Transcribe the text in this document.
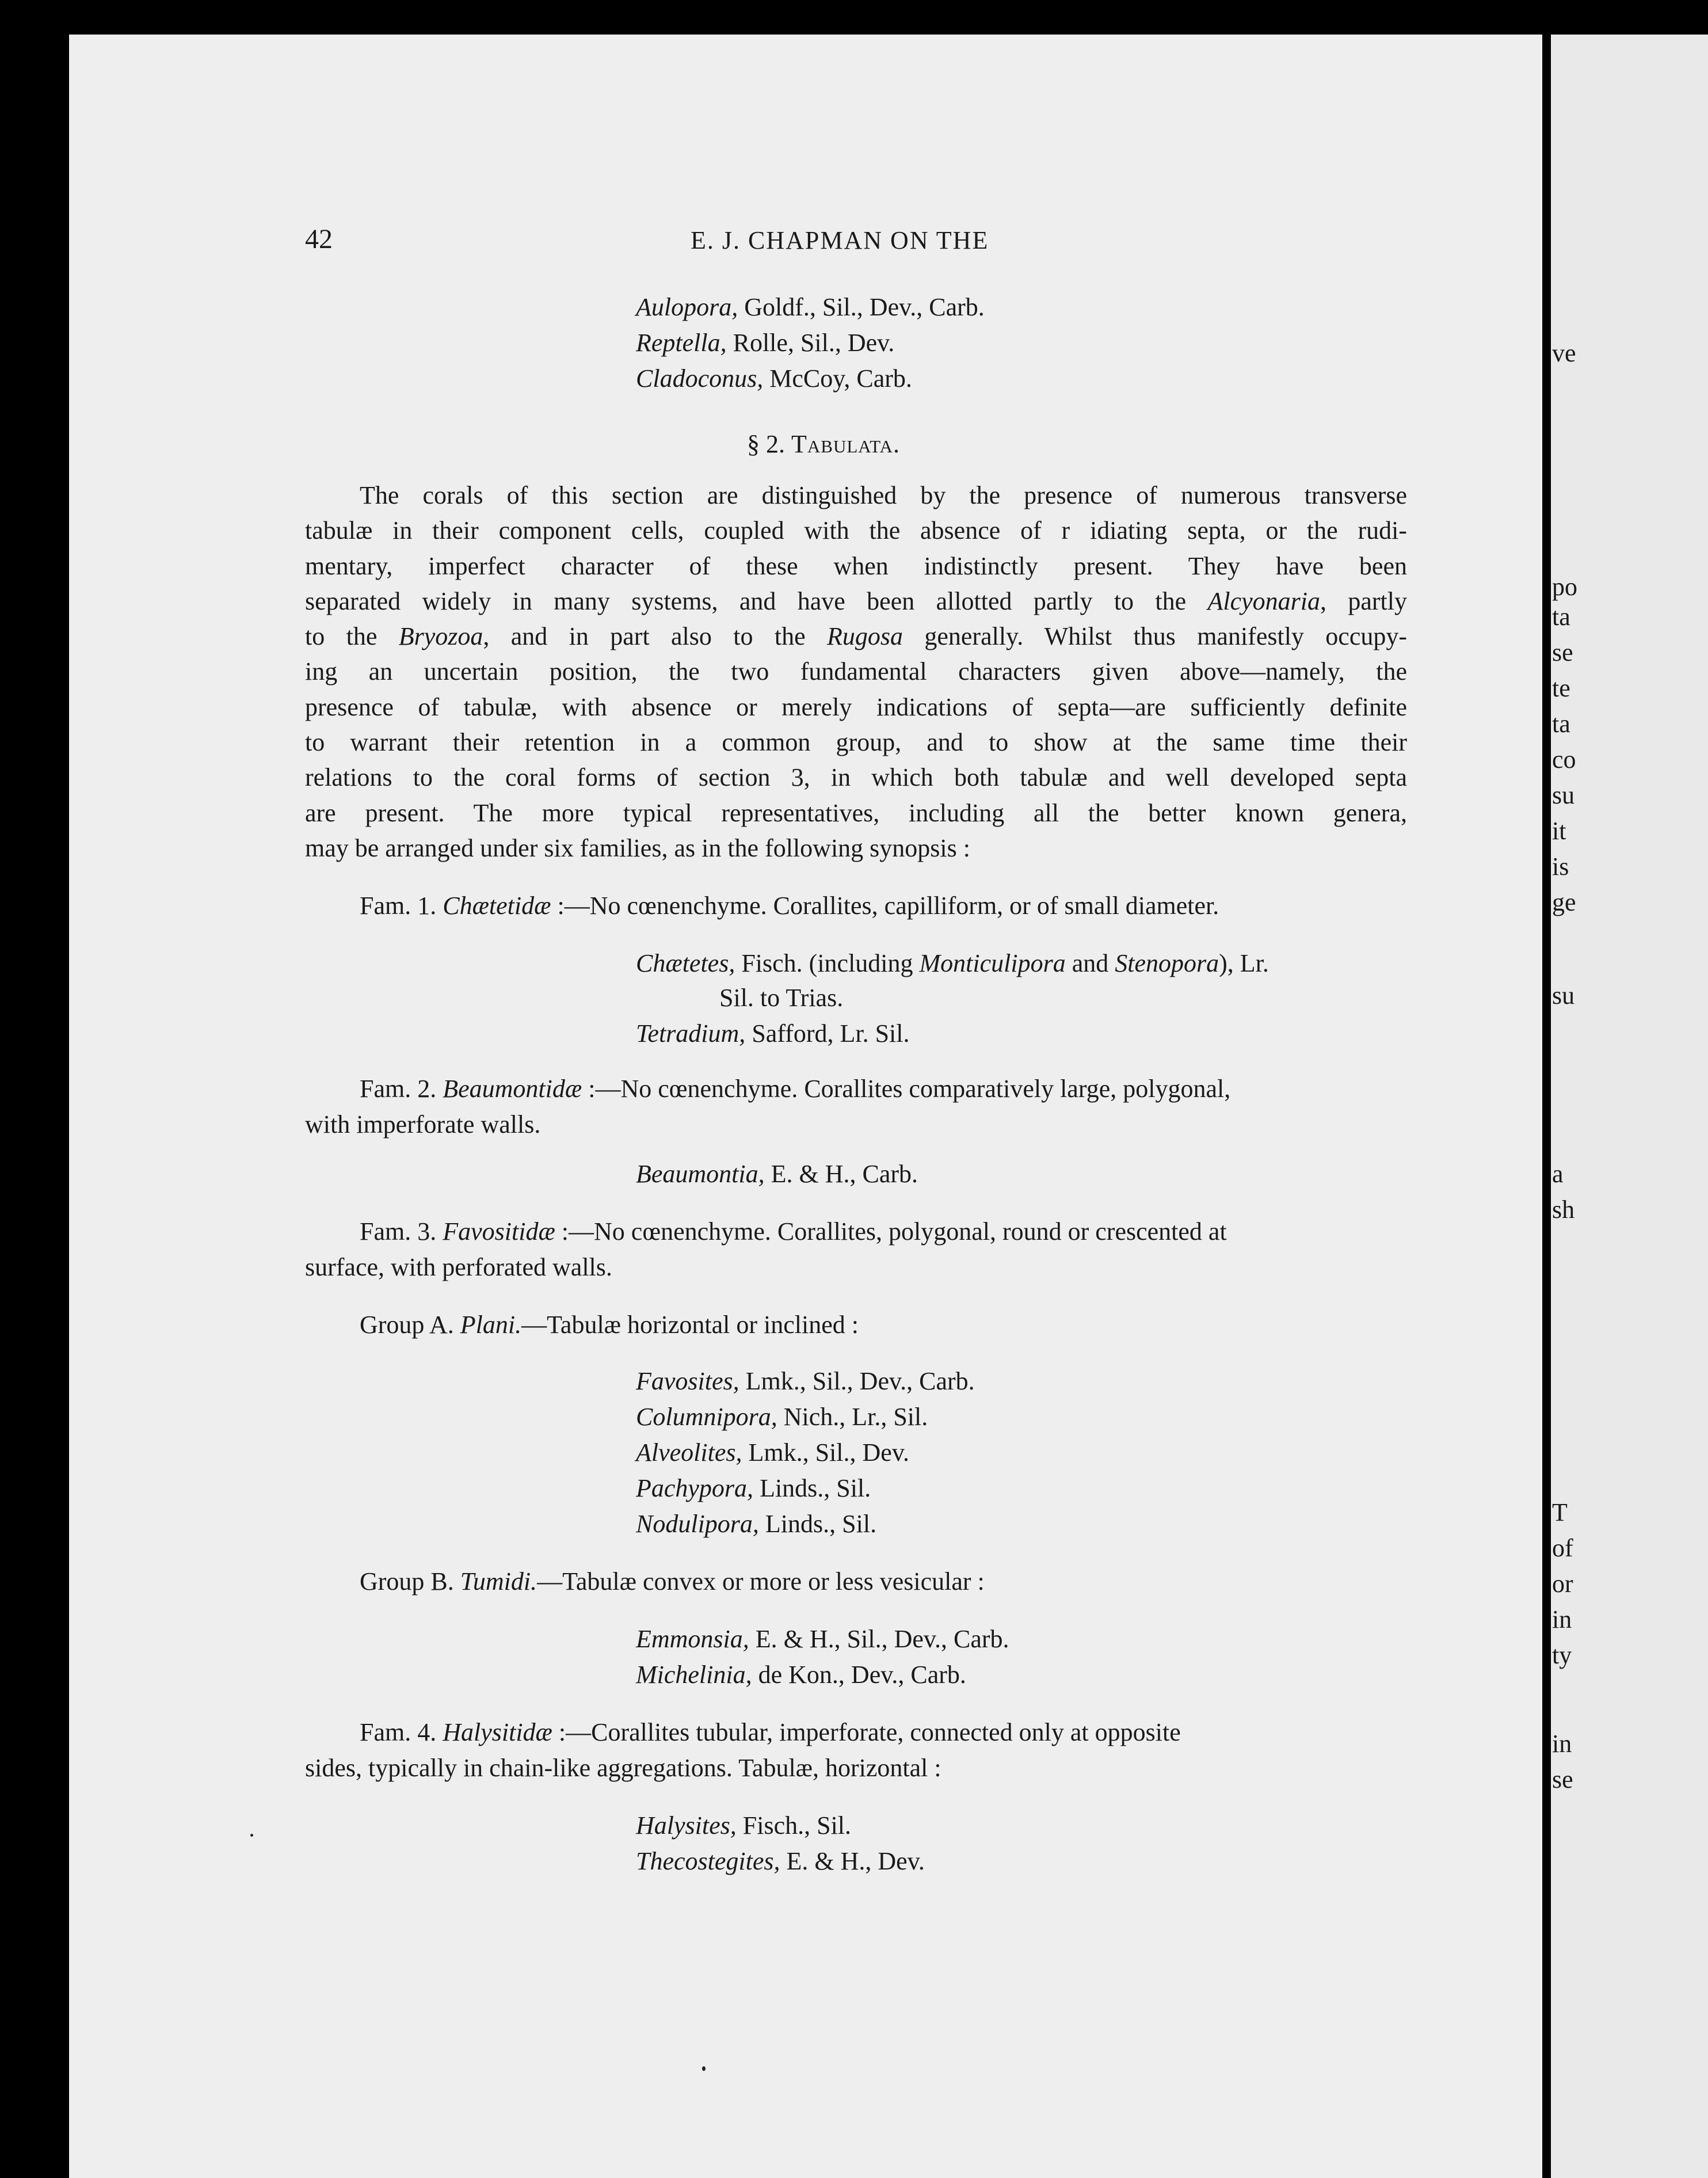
42	E. J. CHAPMAN ON THE
Aulopora, Goldf., Sil., Dev., Carb.
Reptella, Rolle, Sil., Dev.
Cladoconus, McCoy, Carb.
§ 2. Tabulata.
The corals of this section are distinguished by the presence of numerous transverse
tabulæ in their component cells, coupled with the absence of r idiating septa, or the rudi-
mentary, imperfect character of these when indistinctly present. They have been
separated widely in many systems, and have been allotted partly to the Alcyonaria, partly
to the Bryozoa, and in part also to the Rugosa generally. Whilst thus manifestly occupy-
ing an uncertain position, the two fundamental characters given above—namely, the
presence of tabulæ, with absence or merely indications of septa—are sufficiently definite
to warrant their retention in a common group, and to show at the same time their
relations to the coral forms of section 3, in which both tabulæ and well developed septa
are present. The more typical representatives, including all the better known genera,
may be arranged under six families, as in the following synopsis :
Fam. 1. Chætetidæ :—No cœnenchyme. Corallites, capilliform, or of small diameter.
Chætetes, Fisch. (including Monticulipora and Stenopora), Lr.
Sil. to Trias.
Tetradium, Safford, Lr. Sil.
Fam. 2. Beaumontidæ :—No cœnenchyme. Corallites comparatively large, polygonal,
with imperforate walls.
Beaumontia, E. & H., Carb.
Fam. 3. Favositidæ :—No cœnenchyme. Corallites, polygonal, round or crescented at
surface, with perforated walls.
Group A. Plani.—Tabulæ horizontal or inclined :
Favosites, Lmk., Sil., Dev., Carb.
Columnipora, Nich., Lr., Sil.
Alveolites, Lmk., Sil., Dev.
Pachypora, Linds., Sil.
Nodulipora, Linds., Sil.
Group B. Tumidi.—Tabulæ convex or more or less vesicular :
Emmonsia, E. & H., Sil., Dev., Carb.
Michelinia, de Kon., Dev., Carb.
Fam. 4. Halysitidæ :—Corallites tubular, imperforate, connected only at opposite
sides, typically in chain-like aggregations. Tabulæ, horizontal :
Halysites, Fisch., Sil.
Thecostegites, E. & H., Dev.
ve
po
ta
se
te
ta
co
su
it
is
ge
su
a
sh
T
of
or
in
ty
in
se
